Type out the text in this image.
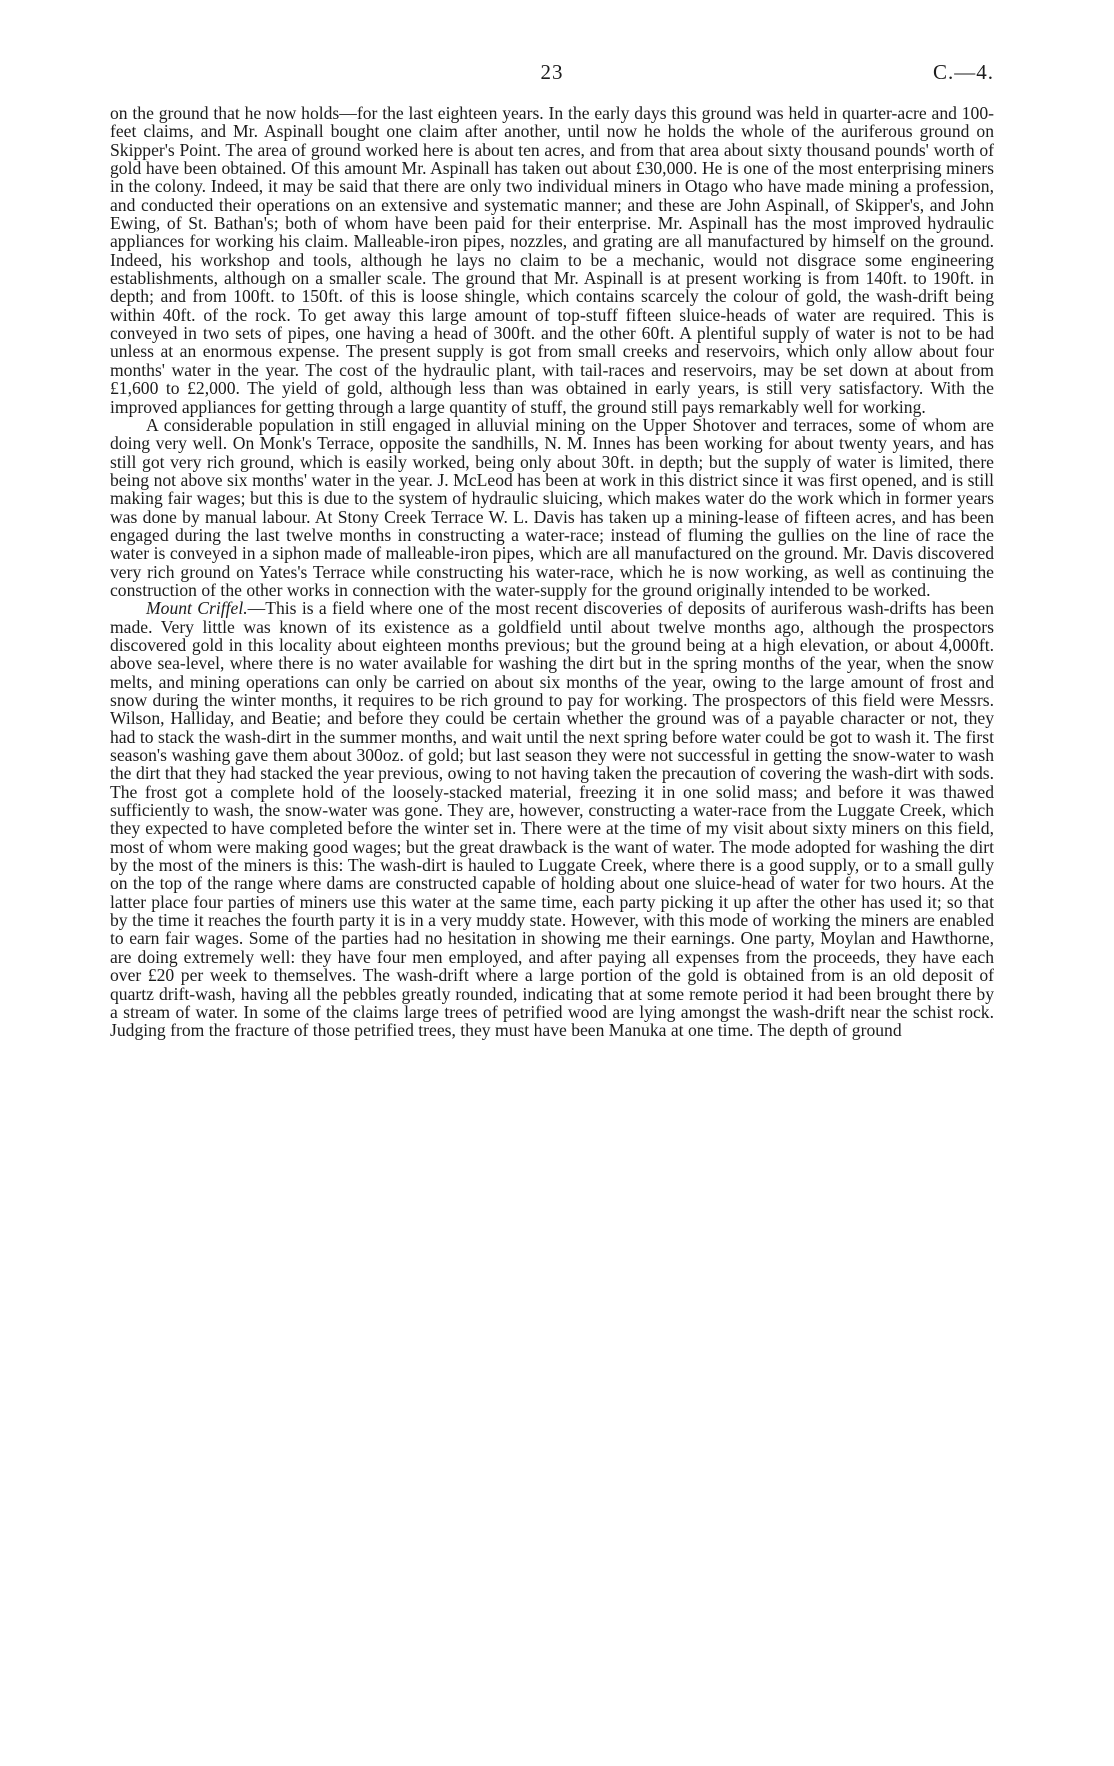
23	C.—4.

on the ground that he now holds—for the last eighteen years. In the early days this ground was held in quarter-acre and 100-feet claims, and Mr. Aspinall bought one claim after another, until now he holds the whole of the auriferous ground on Skipper's Point. The area of ground worked here is about ten acres, and from that area about sixty thousand pounds' worth of gold have been obtained. Of this amount Mr. Aspinall has taken out about £30,000. He is one of the most enterprising miners in the colony. Indeed, it may be said that there are only two individual miners in Otago who have made mining a profession, and conducted their operations on an extensive and systematic manner; and these are John Aspinall, of Skipper's, and John Ewing, of St. Bathan's; both of whom have been paid for their enterprise. Mr. Aspinall has the most improved hydraulic appliances for working his claim. Malleable-iron pipes, nozzles, and grating are all manufactured by himself on the ground. Indeed, his workshop and tools, although he lays no claim to be a mechanic, would not disgrace some engineering establishments, although on a smaller scale. The ground that Mr. Aspinall is at present working is from 140ft. to 190ft. in depth; and from 100ft. to 150ft. of this is loose shingle, which contains scarcely the colour of gold, the wash-drift being within 40ft. of the rock. To get away this large amount of top-stuff fifteen sluice-heads of water are required. This is conveyed in two sets of pipes, one having a head of 300ft. and the other 60ft. A plentiful supply of water is not to be had unless at an enormous expense. The present supply is got from small creeks and reservoirs, which only allow about four months' water in the year. The cost of the hydraulic plant, with tail-races and reservoirs, may be set down at about from £1,600 to £2,000. The yield of gold, although less than was obtained in early years, is still very satisfactory. With the improved appliances for getting through a large quantity of stuff, the ground still pays remarkably well for working.

A considerable population in still engaged in alluvial mining on the Upper Shotover and terraces, some of whom are doing very well. On Monk's Terrace, opposite the sandhills, N. M. Innes has been working for about twenty years, and has still got very rich ground, which is easily worked, being only about 30ft. in depth; but the supply of water is limited, there being not above six months' water in the year. J. McLeod has been at work in this district since it was first opened, and is still making fair wages; but this is due to the system of hydraulic sluicing, which makes water do the work which in former years was done by manual labour. At Stony Creek Terrace W. L. Davis has taken up a mining-lease of fifteen acres, and has been engaged during the last twelve months in constructing a water-race; instead of fluming the gullies on the line of race the water is conveyed in a siphon made of malleable-iron pipes, which are all manufactured on the ground. Mr. Davis discovered very rich ground on Yates's Terrace while constructing his water-race, which he is now working, as well as continuing the construction of the other works in connection with the water-supply for the ground originally intended to be worked.

Mount Criffel.—This is a field where one of the most recent discoveries of deposits of auriferous wash-drifts has been made. Very little was known of its existence as a goldfield until about twelve months ago, although the prospectors discovered gold in this locality about eighteen months previous; but the ground being at a high elevation, or about 4,000ft. above sea-level, where there is no water available for washing the dirt but in the spring months of the year, when the snow melts, and mining operations can only be carried on about six months of the year, owing to the large amount of frost and snow during the winter months, it requires to be rich ground to pay for working. The prospectors of this field were Messrs. Wilson, Halliday, and Beatie; and before they could be certain whether the ground was of a payable character or not, they had to stack the wash-dirt in the summer months, and wait until the next spring before water could be got to wash it. The first season's washing gave them about 300oz. of gold; but last season they were not successful in getting the snow-water to wash the dirt that they had stacked the year previous, owing to not having taken the precaution of covering the wash-dirt with sods. The frost got a complete hold of the loosely-stacked material, freezing it in one solid mass; and before it was thawed sufficiently to wash, the snow-water was gone. They are, however, constructing a water-race from the Luggate Creek, which they expected to have completed before the winter set in. There were at the time of my visit about sixty miners on this field, most of whom were making good wages; but the great drawback is the want of water. The mode adopted for washing the dirt by the most of the miners is this: The wash-dirt is hauled to Luggate Creek, where there is a good supply, or to a small gully on the top of the range where dams are constructed capable of holding about one sluice-head of water for two hours. At the latter place four parties of miners use this water at the same time, each party picking it up after the other has used it; so that by the time it reaches the fourth party it is in a very muddy state. However, with this mode of working the miners are enabled to earn fair wages. Some of the parties had no hesitation in showing me their earnings. One party, Moylan and Hawthorne, are doing extremely well: they have four men employed, and after paying all expenses from the proceeds, they have each over £20 per week to themselves. The wash-drift where a large portion of the gold is obtained from is an old deposit of quartz drift-wash, having all the pebbles greatly rounded, indicating that at some remote period it had been brought there by a stream of water. In some of the claims large trees of petrified wood are lying amongst the wash-drift near the schist rock. Judging from the fracture of those petrified trees, they must have been Manuka at one time. The depth of ground
